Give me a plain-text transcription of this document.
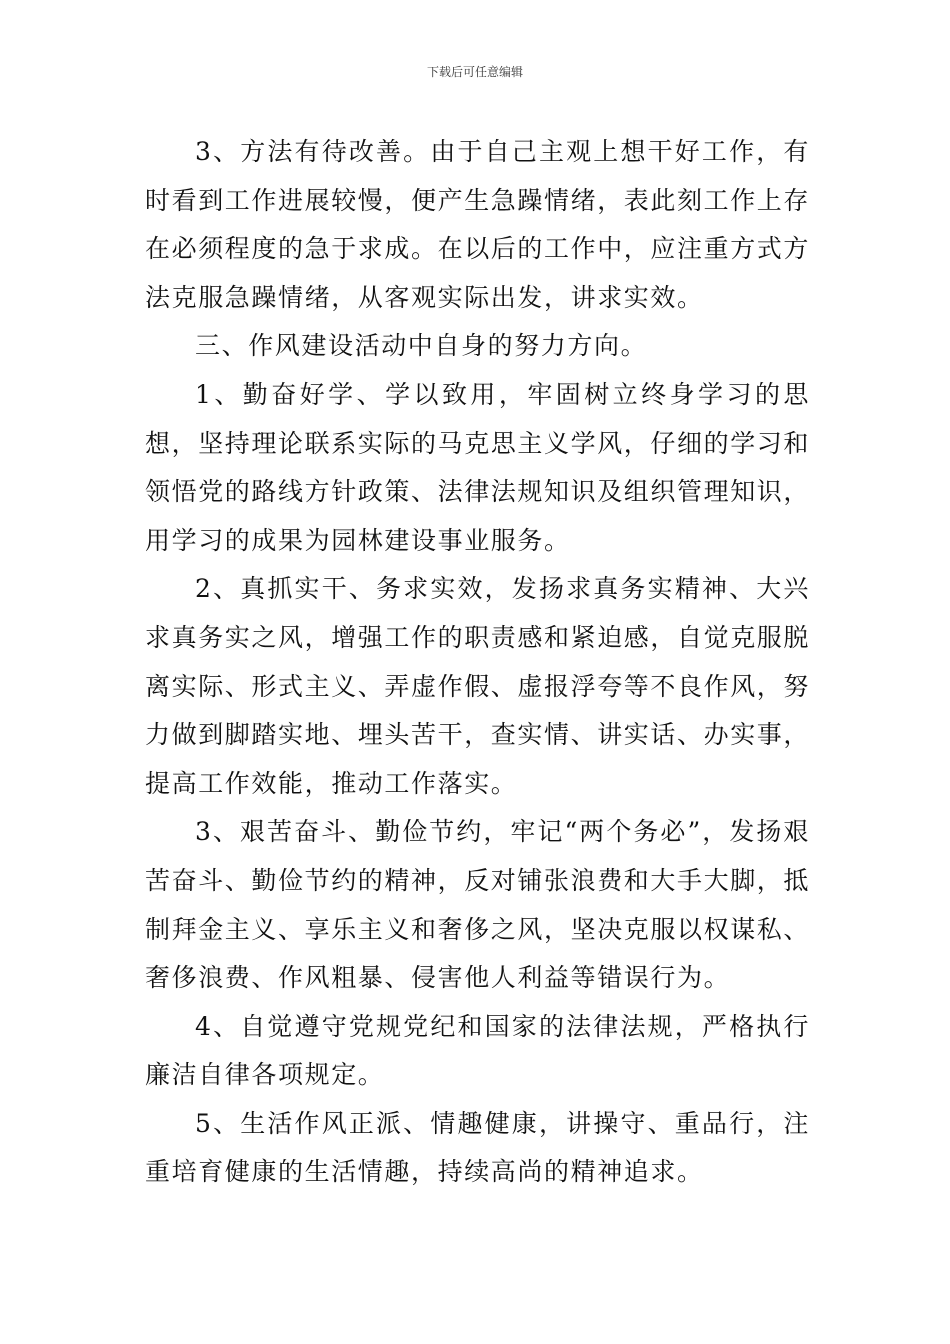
下载后可任意编辑

3、方法有待改善。由于自己主观上想干好工作，有时看到工作进展较慢，便产生急躁情绪，表此刻工作上存在必须程度的急于求成。在以后的工作中，应注重方式方法克服急躁情绪，从客观实际出发，讲求实效。

三、作风建设活动中自身的努力方向。

1、勤奋好学、学以致用，牢固树立终身学习的思想，坚持理论联系实际的马克思主义学风，仔细的学习和领悟党的路线方针政策、法律法规知识及组织管理知识，用学习的成果为园林建设事业服务。

2、真抓实干、务求实效，发扬求真务实精神、大兴求真务实之风，增强工作的职责感和紧迫感，自觉克服脱离实际、形式主义、弄虚作假、虚报浮夸等不良作风，努力做到脚踏实地、埋头苦干，查实情、讲实话、办实事，提高工作效能，推动工作落实。

3、艰苦奋斗、勤俭节约，牢记“两个务必”，发扬艰苦奋斗、勤俭节约的精神，反对铺张浪费和大手大脚，抵制拜金主义、享乐主义和奢侈之风，坚决克服以权谋私、奢侈浪费、作风粗暴、侵害他人利益等错误行为。

4、自觉遵守党规党纪和国家的法律法规，严格执行廉洁自律各项规定。

5、生活作风正派、情趣健康，讲操守、重品行，注重培育健康的生活情趣，持续高尚的精神追求。
